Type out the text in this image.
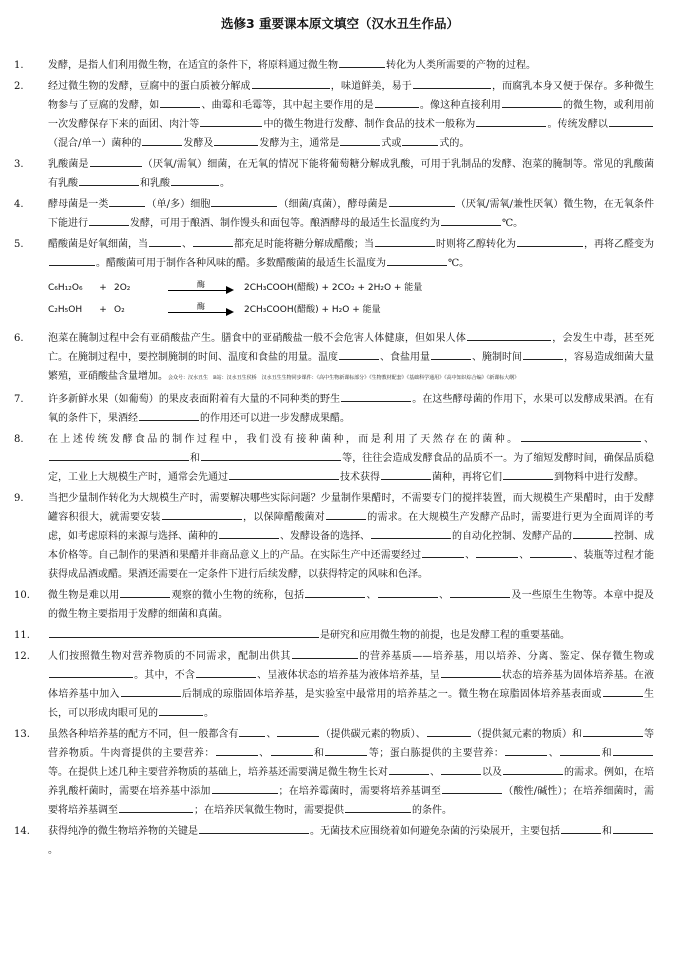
选修3 重要课本原文填空（汉水丑生作品）
1.	发酵，是指人们利用微生物，在适宜的条件下，将原料通过微生物	转化为人类所需要的产物的过程。
2.	经过微生物的发酵，豆腐中的蛋白质被分解成	，味道鲜美，易于	，而腐乳本身又便于保存。多种微生物参与了豆腐的发酵，如	、曲霉和毛霉等，其中起主要作用的是	。像这种直接利用	的微生物，或利用前一次发酵保存下来的面团、肉汁等	中的微生物进行发酵、制作食品的技术一般称为	。传统发酵以（混合/单一）菌种的	发酵及	发酵为主，通常是	式或	式的。
3.	乳酸菌是	（厌氧/需氧）细菌，在无氧的情况下能将葡萄糖分解成乳酸，可用于乳制品的发酵、泡菜的腌制等。常见的乳酸菌有乳酸	和乳酸	。
4.	酵母菌是一类	（单/多）细胞	（细菌/真菌），酵母菌是	（厌氧/需氧/兼性厌氧）微生物，在无氧条件下能进行	发酵，可用于酿酒、制作馒头和面包等。酿酒酵母的最适生长温度约为	℃。
5.	醋酸菌是好氧细菌，当	、	都充足时能将糖分解成醋酸；当	时则将乙醇转化为	，再将乙醛变为。醋酸菌可用于制作各种风味的醋。多数醋酸菌的最适生长温度为	℃。
C₆H₁₂O₆	+ 2O₂	酶	2CH₃COOH(醋酸) + 2CO₂ + 2H₂O + 能量
C₂H₅OH	+ O₂	酶	2CH₃COOH(醋酸) + H₂O + 能量
6.	泡菜在腌制过程中会有亚硝酸盐产生。膳食中的亚硝酸盐一般不会危害人体健康，但如果人体	，会发生中毒，甚至死亡。在腌制过程中，要控制腌制的时间、温度和食盐的用量。温度	、食盐用量	、腌制时间	，容易造成细菌大量繁殖，亚硝酸盐含量增加。会众号：汉水丑生　B站：汉水丑生侯桥　汉水丑生生物同步课件：《高中生物新课标部分》《生物教材配套》《基础科学通用》《高中知识综合编》《新课标大纲》
7.	许多新鲜水果（如葡萄）的果皮表面附着有大量的不同种类的野生	。在这些酵母菌的作用下，水果可以发酵成果酒。在有氧的条件下，果酒经	的作用还可以进一步发酵成果醋。
8.	在上述传统发酵食品的制作过程中，我们没有接种菌种，而是利用了天然存在的菌种。	、和	等，往往会造成发酵食品的品质不一。为了缩短发酵时间，确保品质稳定，工业上大规模生产时，通常会先通过	技术获得	菌种，再将它们	到物料中进行发酵。
9.	当把少量制作转化为大规模生产时，需要解决哪些实际问题？少量制作果醋时，不需要专门的搅拌装置，而大规模生产果醋时，由于发酵罐容积很大，就需要安装	，以保障醋酸菌对	的需求。在大规模生产发酵产品时，需要进行更为全面周详的考虑，如考虑原料的来源与选择、菌种的	、发酵设备的选择、	的自动化控制、发酵产品的	控制、成本价格等。自己制作的果酒和果醋并非商品意义上的产品。在实际生产中还需要经过	、	、	、装瓶等过程才能获得成品酒或醋。果酒还需要在一定条件下进行后续发酵，以获得特定的风味和色泽。
10.	微生物是难以用	观察的微小生物的统称，包括	、	、	及一些原生生物等。本章中提及的微生物主要指用于发酵的细菌和真菌。
11.	是研究和应用微生物的前提，也是发酵工程的重要基础。
12.	人们按照微生物对营养物质的不同需求，配制出供其	的营养基质——培养基，用以培养、分离、鉴定、保存微生物或。其中，不含	、呈液体状态的培养基为液体培养基，呈	状态的培养基为固体培养基。在液体培养基中加入	后制成的琼脂固体培养基，是实验室中最常用的培养基之一。微生物在琼脂固体培养基表面或	生长，可以形成肉眼可见的	。
13.	虽然各种培养基的配方不同，但一般都含有	、	（提供碳元素的物质）、	（提供氮元素的物质）和	等营养物质。牛肉膏提供的主要营养：	、	和	等；蛋白胨提供的主要营养：	、	和等。在提供上述几种主要营养物质的基础上，培养基还需要满足微生物生长对	、	以及	的需求。例如，在培养乳酸杆菌时，需要在培养基中添加	；在培养霉菌时，需要将培养基调至	（酸性/碱性）；在培养细菌时，需要将培养基调至	；在培养厌氧微生物时，需要提供	的条件。
14.	获得纯净的微生物培养物的关键是	。无菌技术应围绕着如何避免杂菌的污染展开，主要包括	和。
